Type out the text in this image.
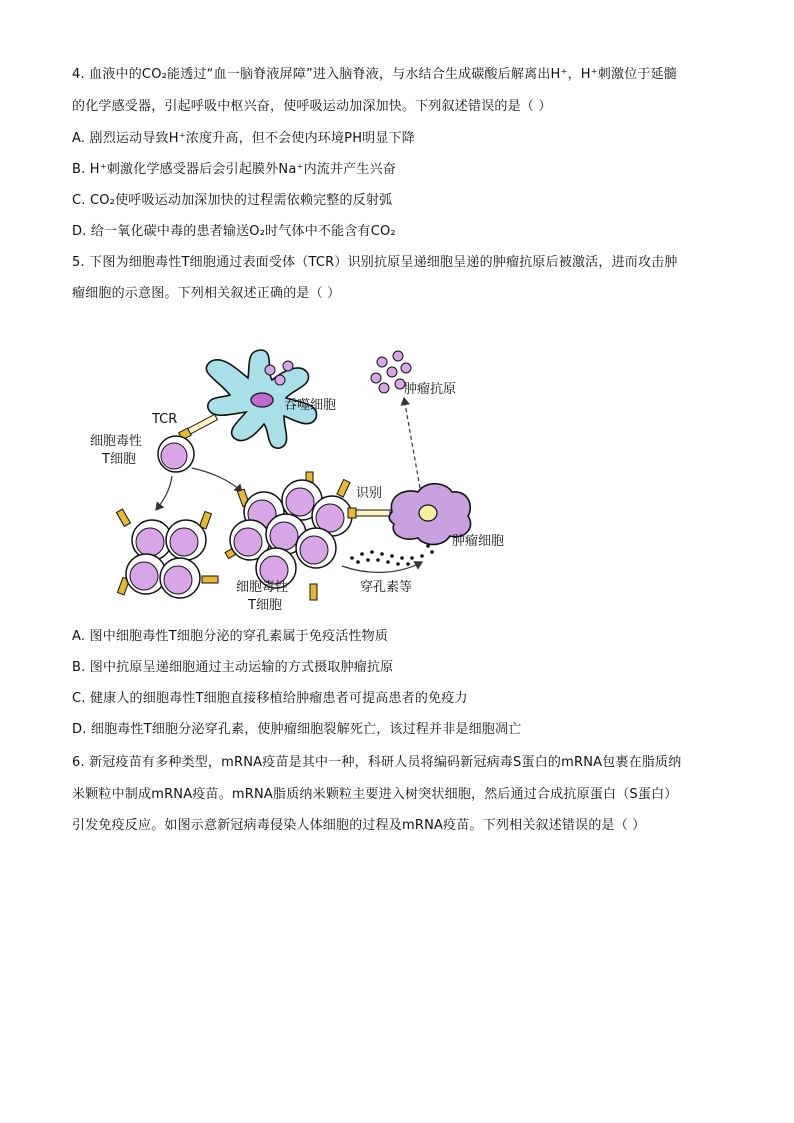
4. 血液中的CO₂能透过“血一脑脊液屏障”进入脑脊液，与水结合生成碳酸后解离出H⁺，H⁺刺激位于延髓
的化学感受器，引起呼吸中枢兴奋，使呼吸运动加深加快。下列叙述错误的是（ ）
A. 剧烈运动导致H⁺浓度升高，但不会使内环境PH明显下降
B. H⁺刺激化学感受器后会引起膜外Na⁺内流并产生兴奋
C. CO₂使呼吸运动加深加快的过程需依赖完整的反射弧
D. 给一氧化碳中毒的患者输送O₂时气体中不能含有CO₂
5. 下图为细胞毒性T细胞通过表面受体（TCR）识别抗原呈递细胞呈递的肿瘤抗原后被激活，进而攻击肿
瘤细胞的示意图。下列相关叙述正确的是（ ）
TCR
细胞毒性
T细胞
吞噬细胞
肿瘤抗原
识别
肿瘤细胞
穿孔素等
细胞毒性
T细胞
A. 图中细胞毒性T细胞分泌的穿孔素属于免疫活性物质
B. 图中抗原呈递细胞通过主动运输的方式摄取肿瘤抗原
C. 健康人的细胞毒性T细胞直接移植给肿瘤患者可提高患者的免疫力
D. 细胞毒性T细胞分泌穿孔素，使肿瘤细胞裂解死亡，该过程并非是细胞凋亡
6. 新冠疫苗有多种类型，mRNA疫苗是其中一种，科研人员将编码新冠病毒S蛋白的mRNA包裹在脂质纳
米颗粒中制成mRNA疫苗。mRNA脂质纳米颗粒主要进入树突状细胞，然后通过合成抗原蛋白（S蛋白）
引发免疫反应。如图示意新冠病毒侵染人体细胞的过程及mRNA疫苗。下列相关叙述错误的是（ ）
